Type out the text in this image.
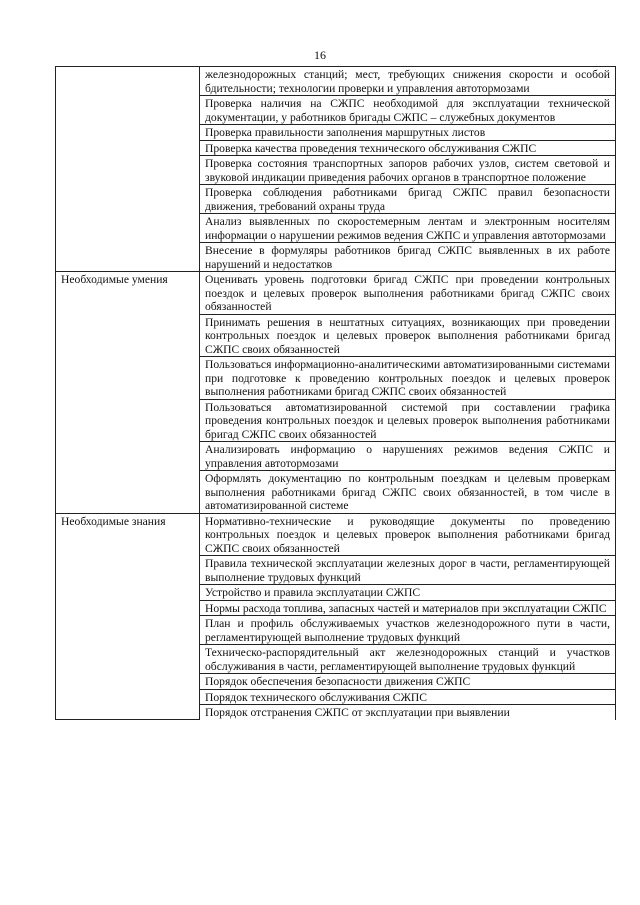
16
	железнодорожных станций; мест, требующих снижения скорости и особой бдительности; технологии проверки и управления автотормозами
	Проверка наличия на СЖПС необходимой для эксплуатации технической документации, у работников бригады СЖПС – служебных документов
	Проверка правильности заполнения маршрутных листов
	Проверка качества проведения технического обслуживания СЖПС
	Проверка состояния транспортных запоров рабочих узлов, систем световой и звуковой индикации приведения рабочих органов в транспортное положение
	Проверка соблюдения работниками бригад СЖПС правил безопасности движения, требований охраны труда
	Анализ выявленных по скоростемерным лентам и электронным носителям информации о нарушении режимов ведения СЖПС и управления автотормозами
	Внесение в формуляры работников бригад СЖПС выявленных в их работе нарушений и недостатков
Необходимые умения	Оценивать уровень подготовки бригад СЖПС при проведении контрольных поездок и целевых проверок выполнения работниками бригад СЖПС своих обязанностей
	Принимать решения в нештатных ситуациях, возникающих при проведении контрольных поездок и целевых проверок выполнения работниками бригад СЖПС своих обязанностей
	Пользоваться информационно-аналитическими автоматизированными системами при подготовке к проведению контрольных поездок и целевых проверок выполнения работниками бригад СЖПС своих обязанностей
	Пользоваться автоматизированной системой при составлении графика проведения контрольных поездок и целевых проверок выполнения работниками бригад СЖПС своих обязанностей
	Анализировать информацию о нарушениях режимов ведения СЖПС и управления автотормозами
	Оформлять документацию по контрольным поездкам и целевым проверкам выполнения работниками бригад СЖПС своих обязанностей, в том числе в автоматизированной системе
Необходимые знания	Нормативно-технические и руководящие документы по проведению контрольных поездок и целевых проверок выполнения работниками бригад СЖПС своих обязанностей
	Правила технической эксплуатации железных дорог в части, регламентирующей выполнение трудовых функций
	Устройство и правила эксплуатации СЖПС
	Нормы расхода топлива, запасных частей и материалов при эксплуатации СЖПС
	План и профиль обслуживаемых участков железнодорожного пути в части, регламентирующей выполнение трудовых функций
	Техническо-распорядительный акт железнодорожных станций и участков обслуживания в части, регламентирующей выполнение трудовых функций
	Порядок обеспечения безопасности движения СЖПС
	Порядок технического обслуживания СЖПС
	Порядок отстранения СЖПС от эксплуатации при выявлении
